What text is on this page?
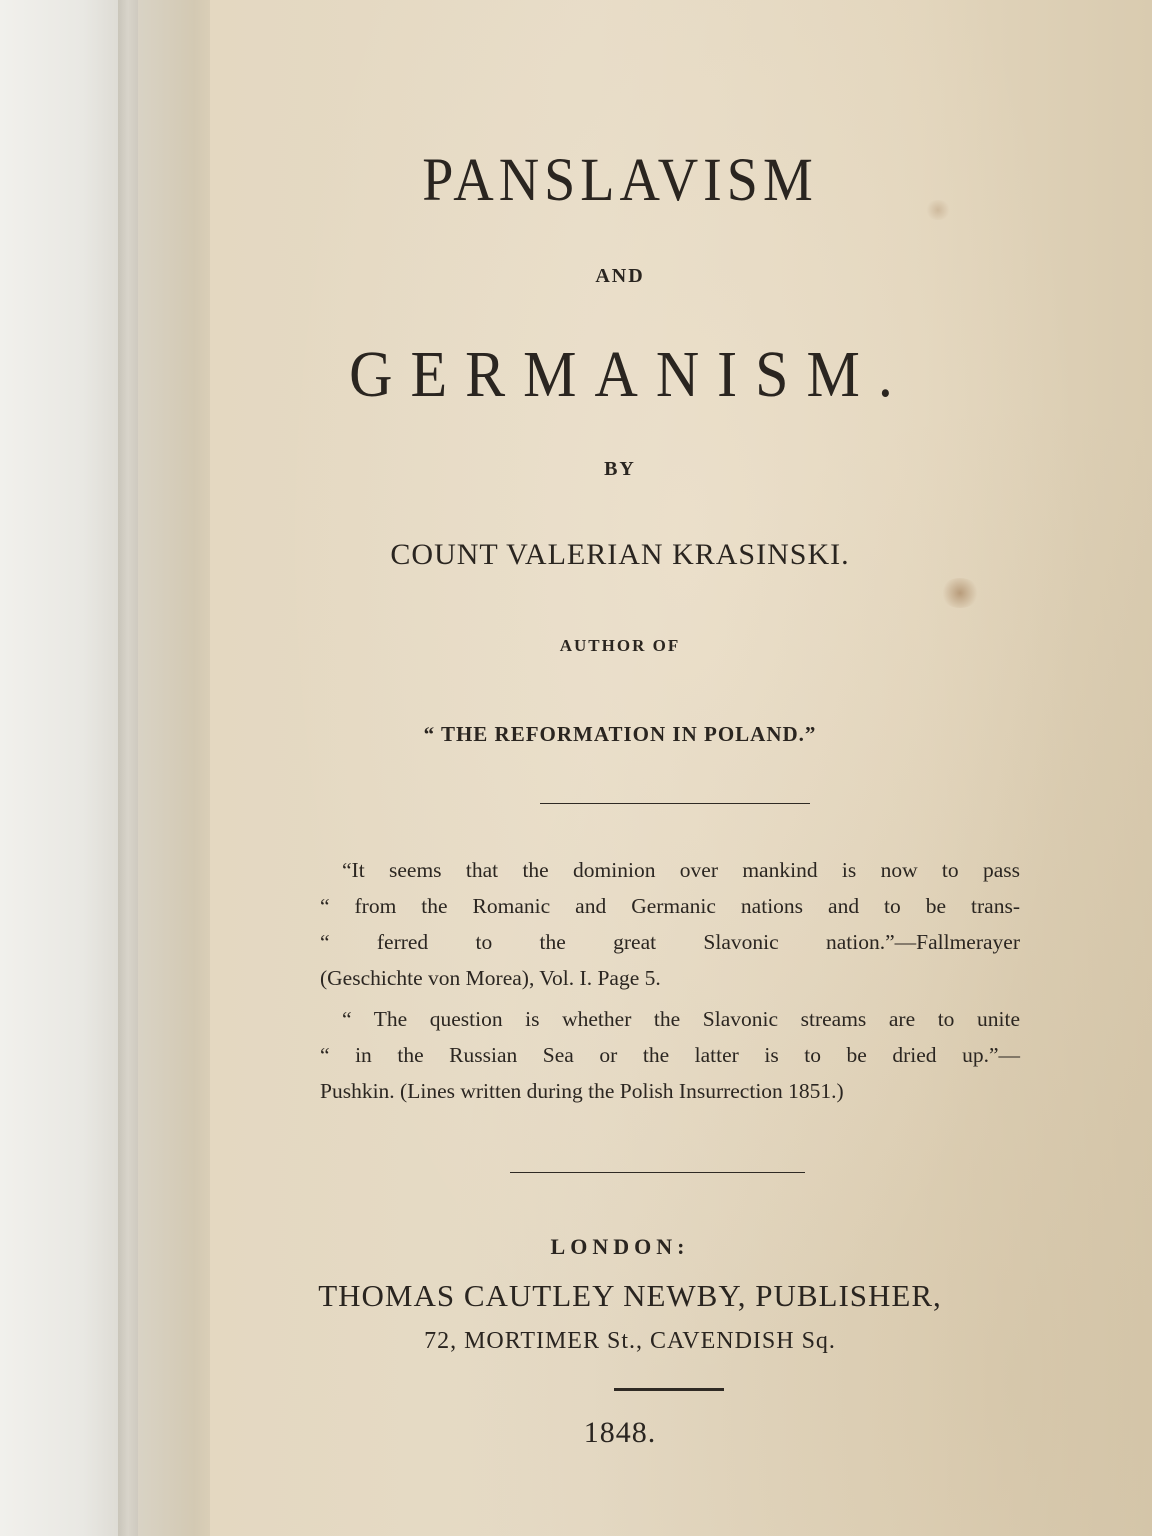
PANSLAVISM
AND
GERMANISM.
BY
COUNT VALERIAN KRASINSKI.
AUTHOR OF
“ THE REFORMATION IN POLAND.”

“It seems that the dominion over mankind is now to pass

“ from the Romanic and Germanic nations and to be trans-

“ ferred to the great Slavonic nation.”—Fallmerayer

(Geschichte von Morea), Vol. I. Page 5.

“ The question is whether the Slavonic streams are to unite

“ in the Russian Sea or the latter is to be dried up.”—

Pushkin. (Lines written during the Polish Insurrection 1851.)

LONDON:
THOMAS CAUTLEY NEWBY, PUBLISHER,
72, MORTIMER St., CAVENDISH Sq.
1848.
